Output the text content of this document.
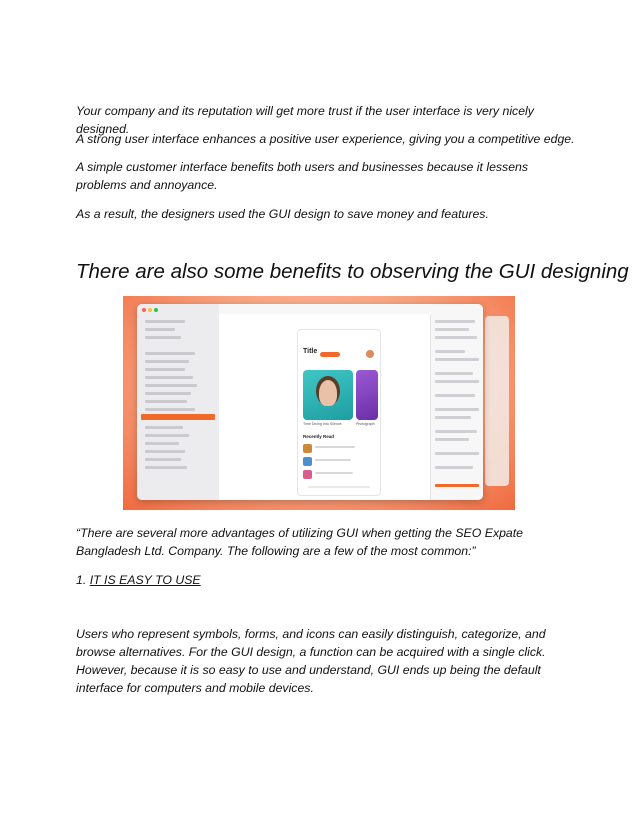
Your company and its reputation will get more trust if the user interface is very nicely designed.

A strong user interface enhances a positive user experience, giving you a competitive edge.

A simple customer interface benefits both users and businesses because it lessens problems and annoyance.

As a result, the designers used the GUI design to save money and features.

There are also some benefits to observing the GUI designing
Title
Time Diving Into Silence	Photograph
Recently Read

“There are several more advantages of utilizing GUI when getting the SEO Expate Bangladesh Ltd. Company. The following are a few of the most common:”

1. IT IS EASY TO USE

Users who represent symbols, forms, and icons can easily distinguish, categorize, and browse alternatives. For the GUI design, a function can be acquired with a single click. However, because it is so easy to use and understand, GUI ends up being the default interface for computers and mobile devices.
